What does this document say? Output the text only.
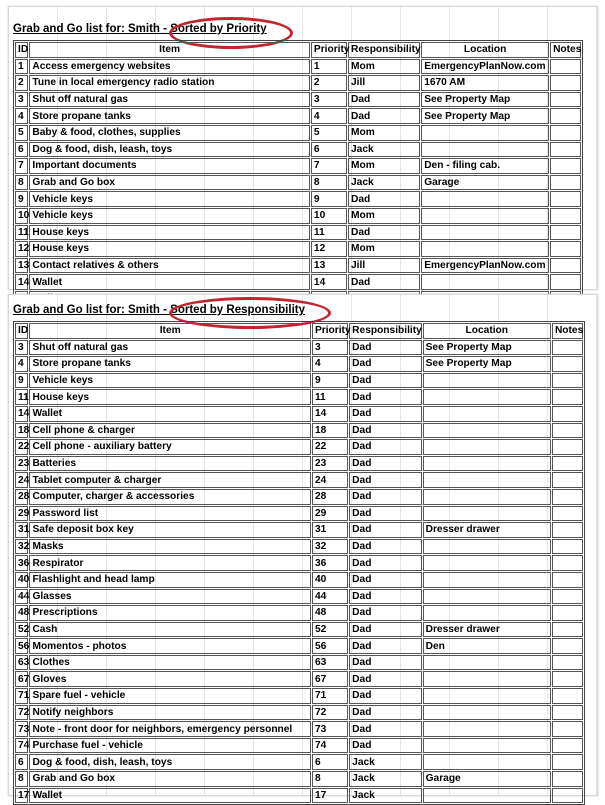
Grab and Go list for: Smith - Sorted by Priority
ID	Item	Priority	Responsibility	Location	Notes
1	Access emergency websites	1	Mom	EmergencyPlanNow.com	
2	Tune in local emergency radio station	2	Jill	1670 AM	
3	Shut off natural gas	3	Dad	See Property Map	
4	Store propane tanks	4	Dad	See Property Map	
5	Baby & food, clothes, supplies	5	Mom		
6	Dog & food, dish, leash, toys	6	Jack		
7	Important documents	7	Mom	Den - filing cab.	
8	Grab and Go box	8	Jack	Garage	
9	Vehicle keys	9	Dad		
10	Vehicle keys	10	Mom		
11	House keys	11	Dad		
12	House keys	12	Mom		
13	Contact relatives & others	13	Jill	EmergencyPlanNow.com	
14	Wallet	14	Dad		

Grab and Go list for: Smith - Sorted by Responsibility
ID	Item	Priority	Responsibility	Location	Notes
3	Shut off natural gas	3	Dad	See Property Map	
4	Store propane tanks	4	Dad	See Property Map	
9	Vehicle keys	9	Dad		
11	House keys	11	Dad		
14	Wallet	14	Dad		
18	Cell phone & charger	18	Dad		
22	Cell phone - auxiliary battery	22	Dad		
23	Batteries	23	Dad		
24	Tablet computer & charger	24	Dad		
28	Computer, charger & accessories	28	Dad		
29	Password list	29	Dad		
31	Safe deposit box key	31	Dad	Dresser drawer	
32	Masks	32	Dad		
36	Respirator	36	Dad		
40	Flashlight and head lamp	40	Dad		
44	Glasses	44	Dad		
48	Prescriptions	48	Dad		
52	Cash	52	Dad	Dresser drawer	
56	Momentos - photos	56	Dad	Den	
63	Clothes	63	Dad		
67	Gloves	67	Dad		
71	Spare fuel - vehicle	71	Dad		
72	Notify neighbors	72	Dad		
73	Note - front door for neighbors, emergency personnel	73	Dad		
74	Purchase fuel - vehicle	74	Dad		
6	Dog & food, dish, leash, toys	6	Jack		
8	Grab and Go box	8	Jack	Garage	
17	Wallet	17	Jack		
